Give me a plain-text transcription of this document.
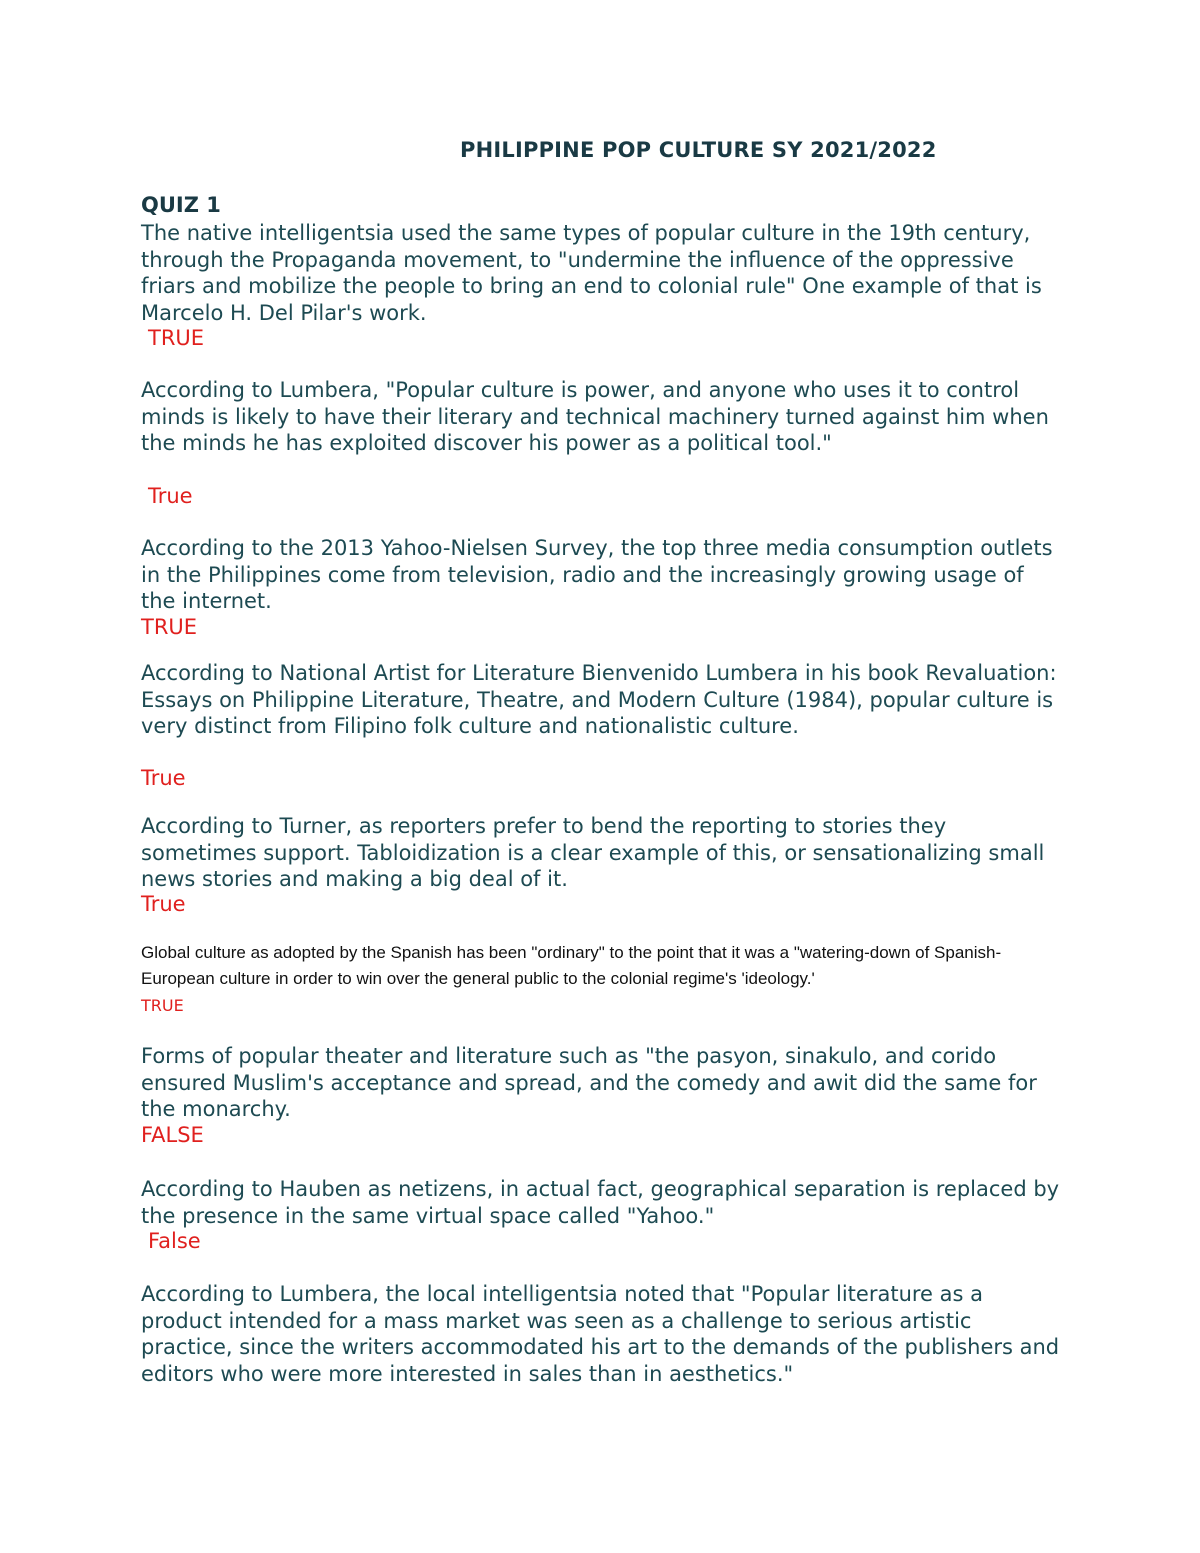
PHILIPPINE POP CULTURE SY 2021/2022
QUIZ 1

The native intelligentsia used the same types of popular culture in the 19th century, through the Propaganda movement, to "undermine the influence of the oppressive friars and mobilize the people to bring an end to colonial rule" One example of that is Marcelo H. Del Pilar's work.

TRUE

According to Lumbera, "Popular culture is power, and anyone who uses it to control minds is likely to have their literary and technical machinery turned against him when the minds he has exploited discover his power as a political tool."

True

According to the 2013 Yahoo-Nielsen Survey, the top three media consumption outlets in the Philippines come from television, radio and the increasingly growing usage of the internet.

TRUE

According to National Artist for Literature Bienvenido Lumbera in his book Revaluation: Essays on Philippine Literature, Theatre, and Modern Culture (1984), popular culture is very distinct from Filipino folk culture and nationalistic culture.

True

According to Turner, as reporters prefer to bend the reporting to stories they sometimes support. Tabloidization is a clear example of this, or sensationalizing small news stories and making a big deal of it.

True

Global culture as adopted by the Spanish has been "ordinary" to the point that it was a "watering-down of Spanish-European culture in order to win over the general public to the colonial regime's 'ideology.'

TRUE

Forms of popular theater and literature such as "the pasyon, sinakulo, and corido ensured Muslim's acceptance and spread, and the comedy and awit did the same for the monarchy.

FALSE

According to Hauben as netizens, in actual fact, geographical separation is replaced by the presence in the same virtual space called "Yahoo."

False

According to Lumbera, the local intelligentsia noted that "Popular literature as a product intended for a mass market was seen as a challenge to serious artistic practice, since the writers accommodated his art to the demands of the publishers and editors who were more interested in sales than in aesthetics."
